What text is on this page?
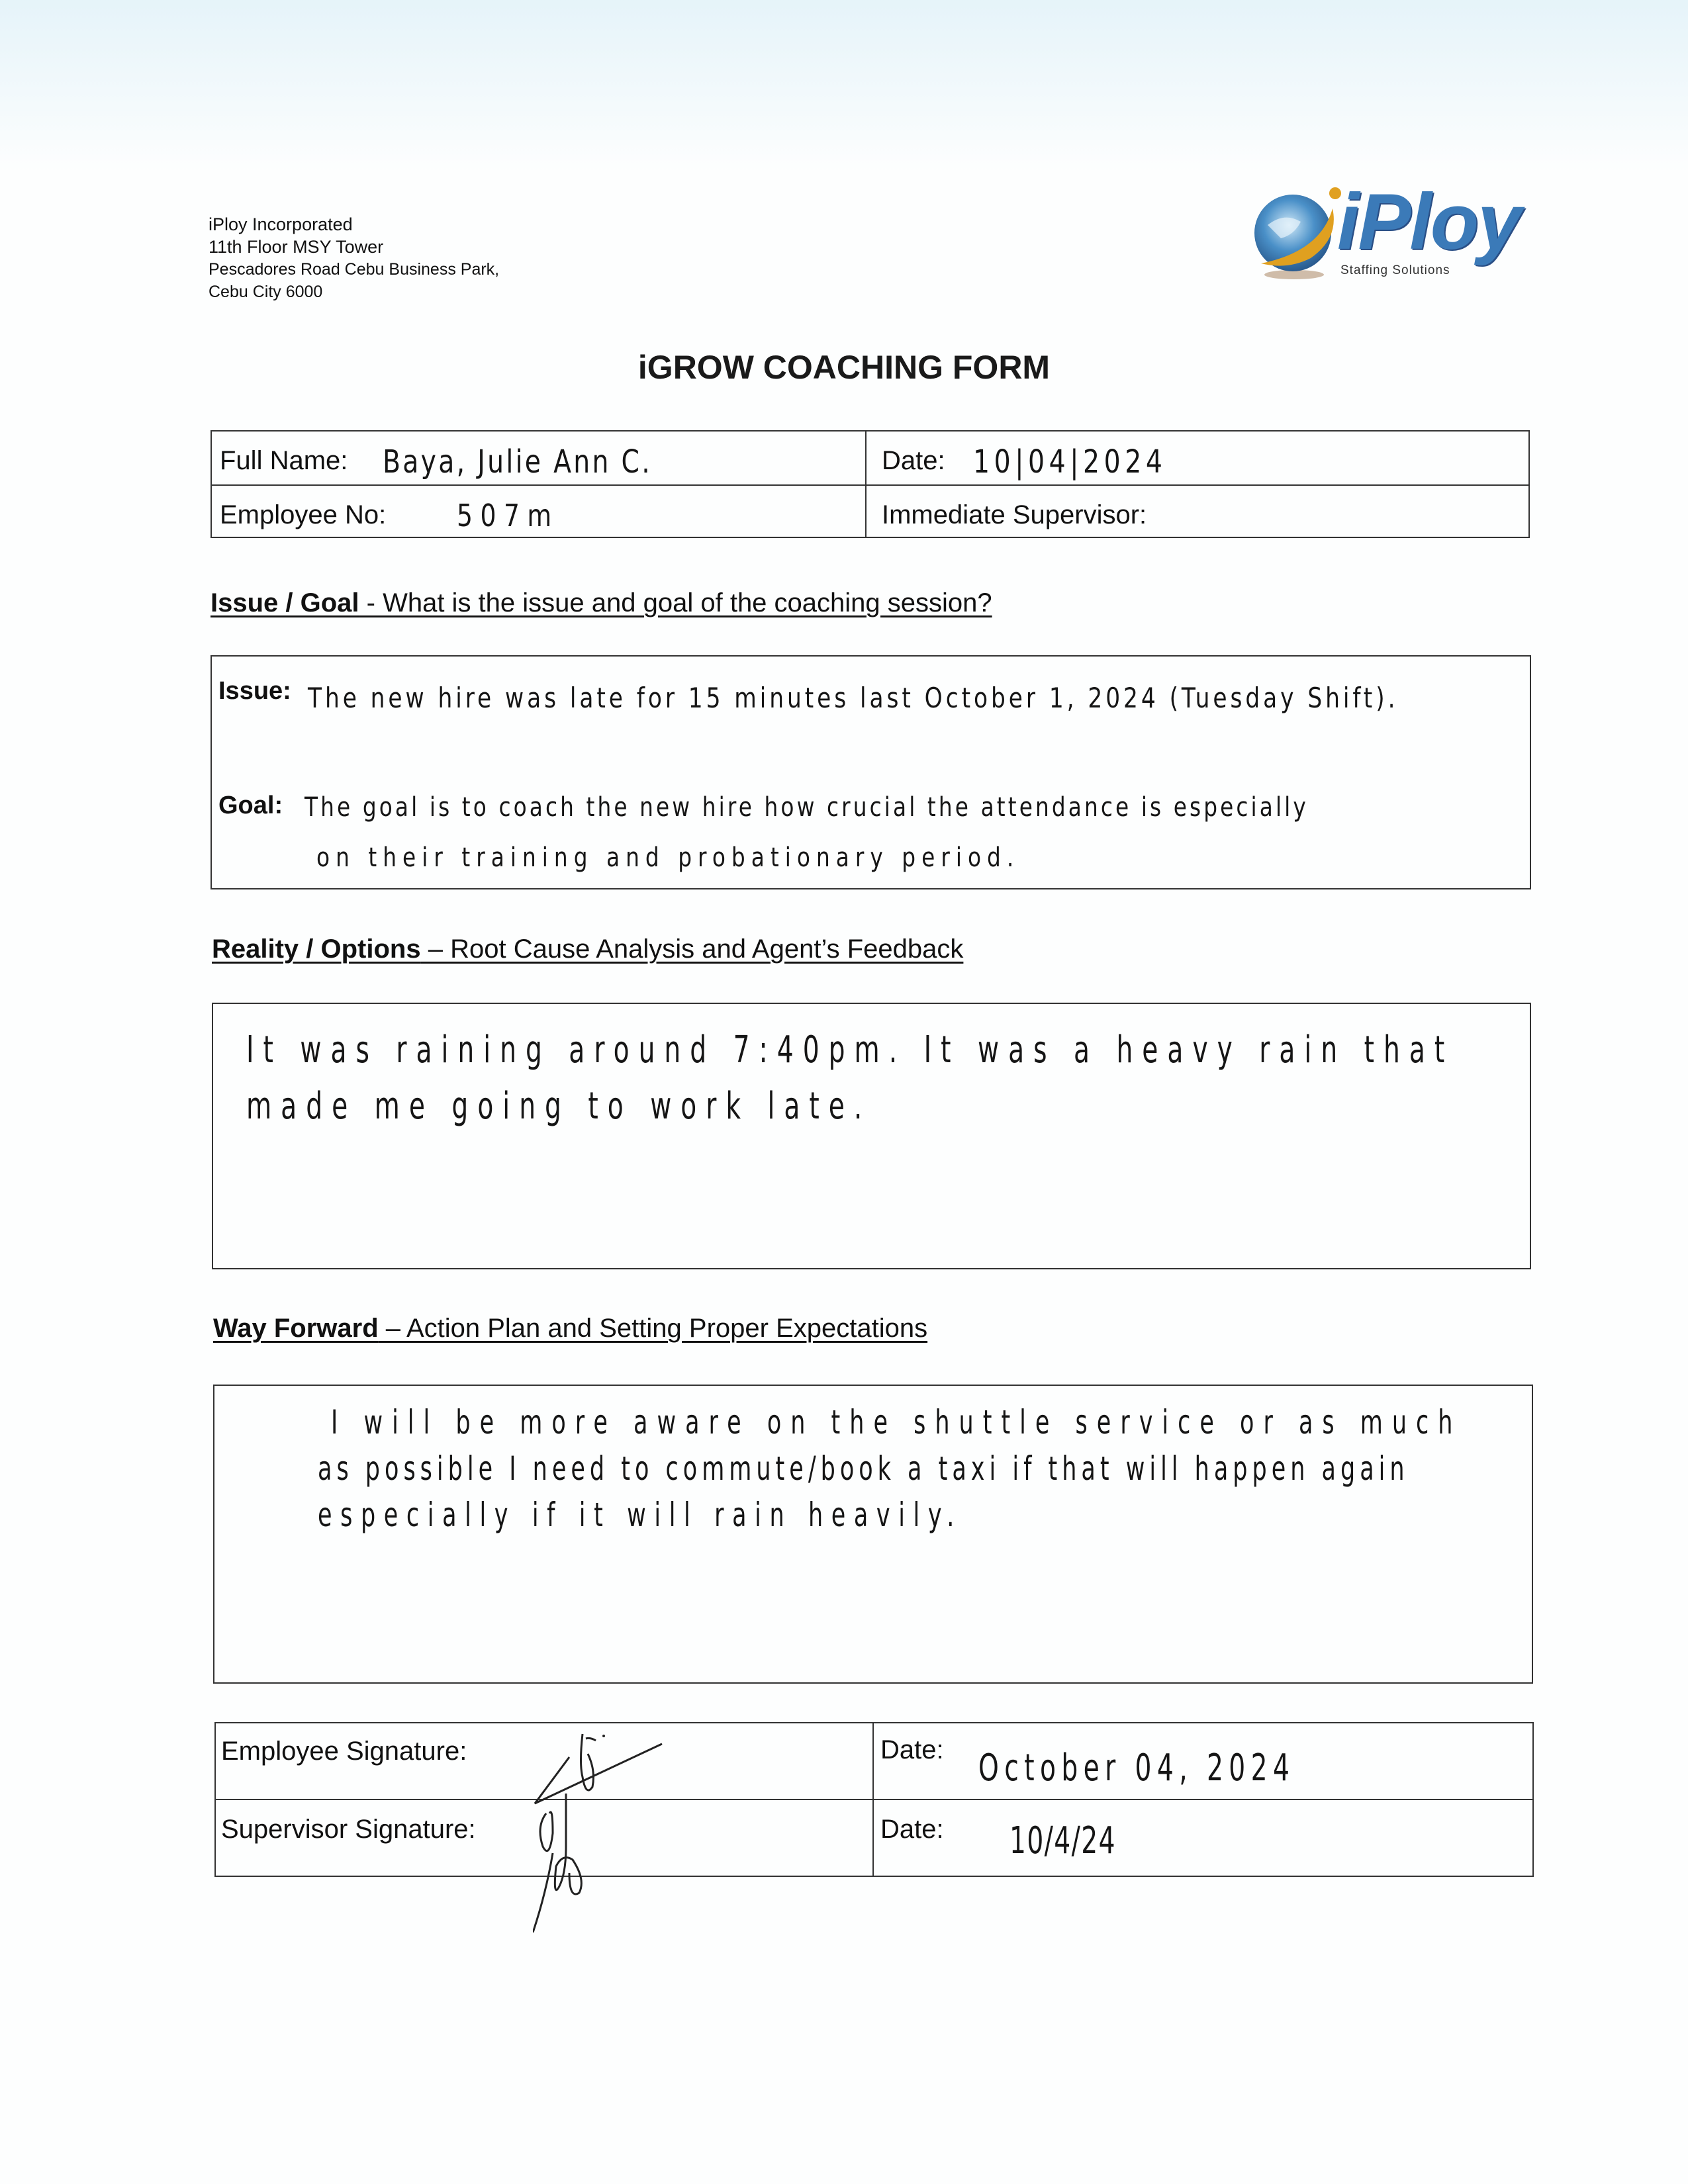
iPloy Incorporated
11th Floor MSY Tower
Pescadores Road Cebu Business Park,
Cebu City 6000
iPloy
Staffing Solutions
iGROW COACHING FORM
Full Name: Baya, Julie Ann C.
Employee No: 507m
Date: 10|04|2024
Immediate Supervisor:
Issue / Goal - What is the issue and goal of the coaching session?
Issue: The new hire was late for 15 minutes last October 1, 2024 (Tuesday Shift).
Goal: The goal is to coach the new hire how crucial the attendance is especially
on their training and probationary period.
Reality / Options – Root Cause Analysis and Agent’s Feedback
It was raining around 7:40pm. It was a heavy rain that
made me going to work late.
Way Forward – Action Plan and Setting Proper Expectations
I will be more aware on the shuttle service or as much
as possible I need to commute/book a taxi if that will happen again
especially if it will rain heavily.
Employee Signature:
Supervisor Signature:
Date: October 04, 2024
Date: 10/4/24
